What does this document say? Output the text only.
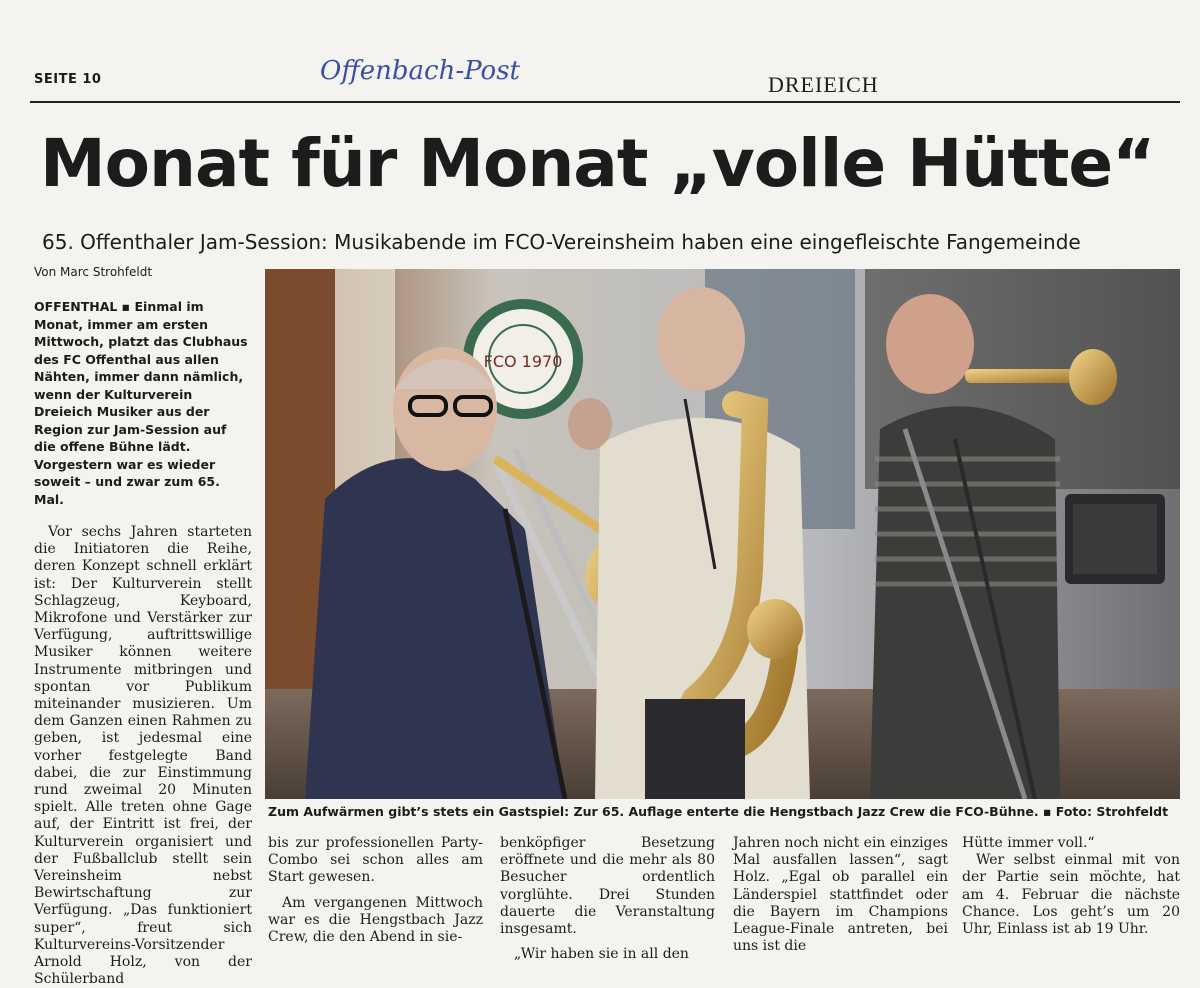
SEITE 10	Offenbach-Post	DREIEICH
Monat für Monat „volle Hütte“
65. Offenthaler Jam-Session: Musikabende im FCO-Vereinsheim haben eine eingefleischte Fangemeinde
Von Marc Strohfeldt
FCO 1970
Zum Aufwärmen gibt’s stets ein Gastspiel: Zur 65. Auflage enterte die Hengstbach Jazz Crew die FCO-Bühne. ▪ Foto: Strohfeldt

OFFENTHAL ▪ Einmal im Monat, immer am ersten Mittwoch, platzt das Clubhaus des FC Offenthal aus allen Nähten, immer dann nämlich, wenn der Kulturverein Dreieich Musiker aus der Region zur Jam-Session auf die offene Bühne lädt. Vorgestern war es wieder soweit – und zwar zum 65. Mal.

Vor sechs Jahren starteten die Initiatoren die Reihe, deren Konzept schnell erklärt ist: Der Kulturverein stellt Schlagzeug, Keyboard, Mikrofone und Verstärker zur Verfügung, auftrittswillige Musiker können weitere Instrumente mitbringen und spontan vor Publikum miteinander musizieren. Um dem Ganzen einen Rahmen zu geben, ist jedesmal eine vorher festgelegte Band dabei, die zur Einstimmung rund zweimal 20 Minuten spielt. Alle treten ohne Gage auf, der Eintritt ist frei, der Kulturverein organisiert und der Fußballclub stellt sein Vereinsheim nebst Bewirtschaftung zur Verfügung. „Das funktioniert super“, freut sich Kulturvereins-Vorsitzender Arnold Holz, von der Schülerband

bis zur professionellen Party-Combo sei schon alles am Start gewesen.

Am vergangenen Mittwoch war es die Hengstbach Jazz Crew, die den Abend in sie-

benköpfiger Besetzung eröffnete und die mehr als 80 Besucher ordentlich vorglühte. Drei Stunden dauerte die Veranstaltung insgesamt.

„Wir haben sie in all den

Jahren noch nicht ein einziges Mal ausfallen lassen“, sagt Holz. „Egal ob parallel ein Länderspiel stattfindet oder die Bayern im Champions League-Finale antreten, bei uns ist die

Hütte immer voll.“

Wer selbst einmal mit von der Partie sein möchte, hat am 4. Februar die nächste Chance. Los geht’s um 20 Uhr, Einlass ist ab 19 Uhr.
